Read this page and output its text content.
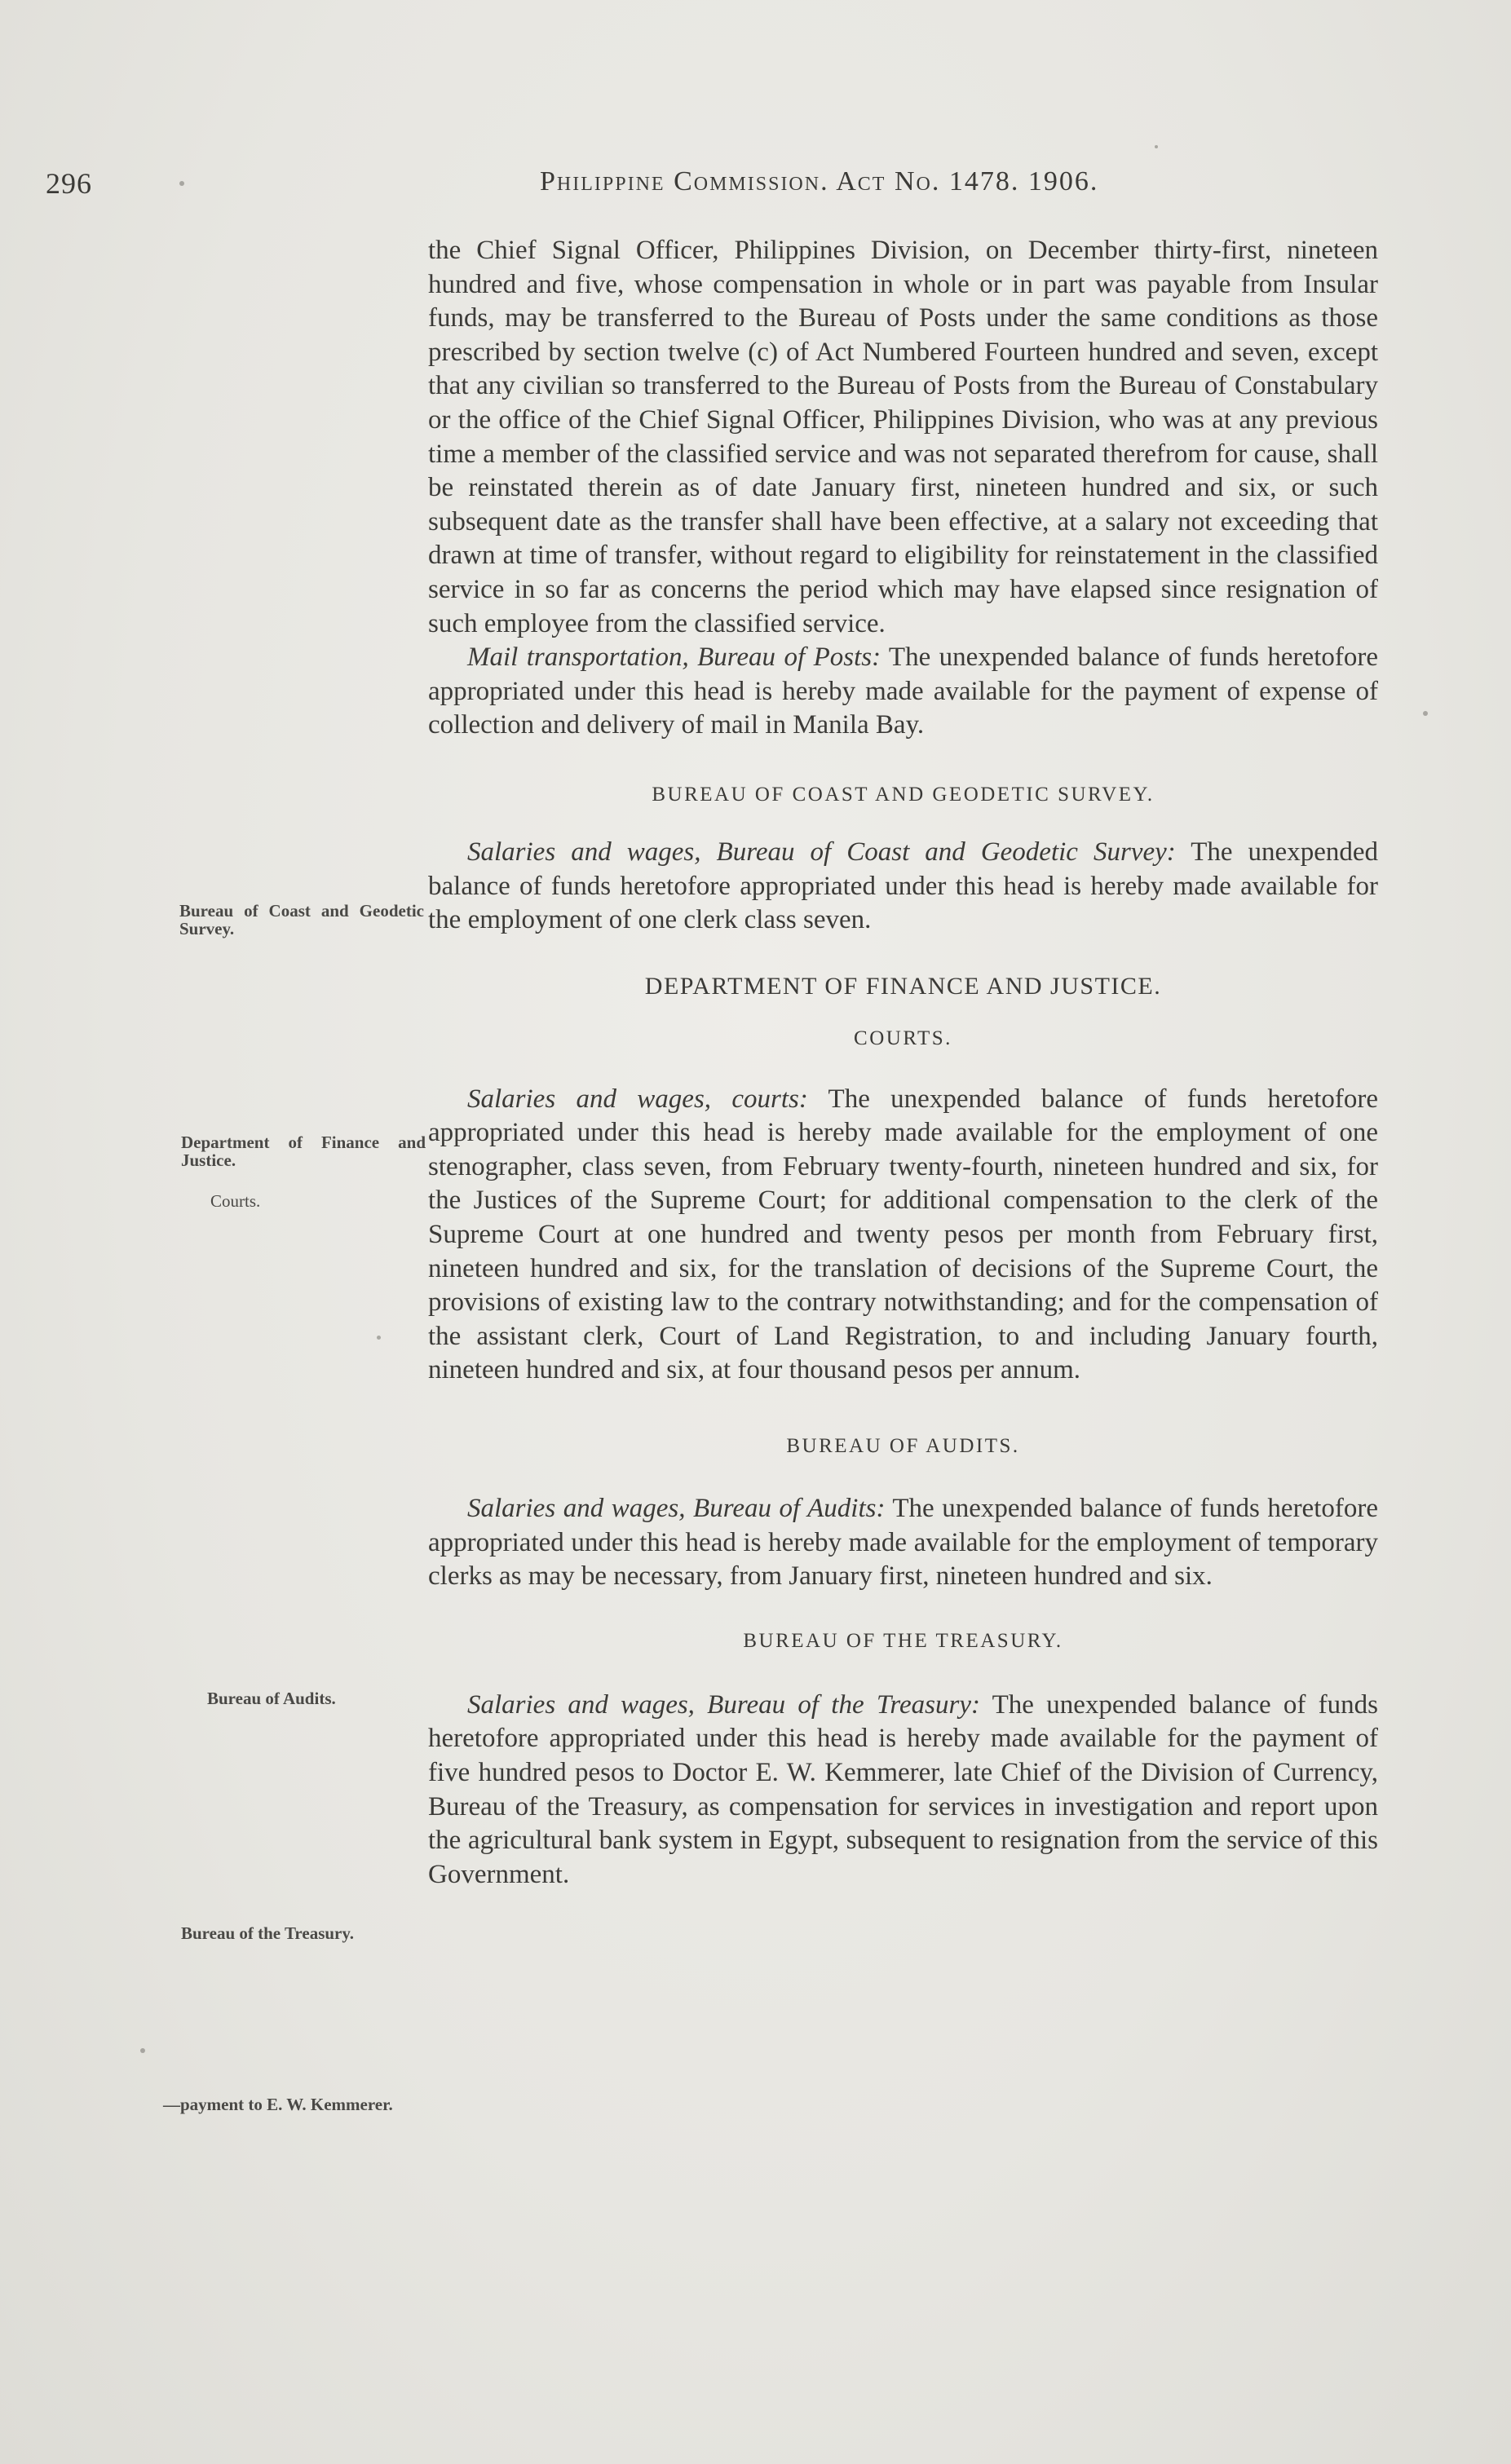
296	Philippine Commission. Act No. 1478. 1906.
Bureau of Coast and Geodetic Survey.
Department of Finance and Justice.
Courts.
Bureau of Audits.
Bureau of the Treasury.
—payment to E. W. Kemmerer.

the Chief Signal Officer, Philippines Division, on December thirty-first, nineteen hundred and five, whose compensation in whole or in part was payable from Insular funds, may be transferred to the Bureau of Posts under the same conditions as those prescribed by section twelve (c) of Act Numbered Fourteen hundred and seven, except that any civilian so transferred to the Bureau of Posts from the Bureau of Constabulary or the office of the Chief Signal Officer, Philippines Division, who was at any previous time a member of the classified service and was not separated therefrom for cause, shall be reinstated therein as of date January first, nineteen hundred and six, or such subsequent date as the transfer shall have been effective, at a salary not exceeding that drawn at time of transfer, without regard to eligibility for reinstatement in the classified service in so far as concerns the period which may have elapsed since resignation of such employee from the classified service.

Mail transportation, Bureau of Posts: The unexpended balance of funds heretofore appropriated under this head is hereby made available for the payment of expense of collection and delivery of mail in Manila Bay.

BUREAU OF COAST AND GEODETIC SURVEY.

Salaries and wages, Bureau of Coast and Geodetic Survey: The unexpended balance of funds heretofore appropriated under this head is hereby made available for the employment of one clerk class seven.

DEPARTMENT OF FINANCE AND JUSTICE.
COURTS.

Salaries and wages, courts: The unexpended balance of funds heretofore appropriated under this head is hereby made available for the employment of one stenographer, class seven, from February twenty-fourth, nineteen hundred and six, for the Justices of the Supreme Court; for additional compensation to the clerk of the Supreme Court at one hundred and twenty pesos per month from February first, nineteen hundred and six, for the translation of decisions of the Supreme Court, the provisions of existing law to the contrary notwithstanding; and for the compensation of the assistant clerk, Court of Land Registration, to and including January fourth, nineteen hundred and six, at four thousand pesos per annum.

BUREAU OF AUDITS.

Salaries and wages, Bureau of Audits: The unexpended balance of funds heretofore appropriated under this head is hereby made available for the employment of temporary clerks as may be necessary, from January first, nineteen hundred and six.

BUREAU OF THE TREASURY.

Salaries and wages, Bureau of the Treasury: The unexpended balance of funds heretofore appropriated under this head is hereby made available for the payment of five hundred pesos to Doctor E. W. Kemmerer, late Chief of the Division of Currency, Bureau of the Treasury, as compensation for services in investigation and report upon the agricultural bank system in Egypt, subsequent to resignation from the service of this Government.
